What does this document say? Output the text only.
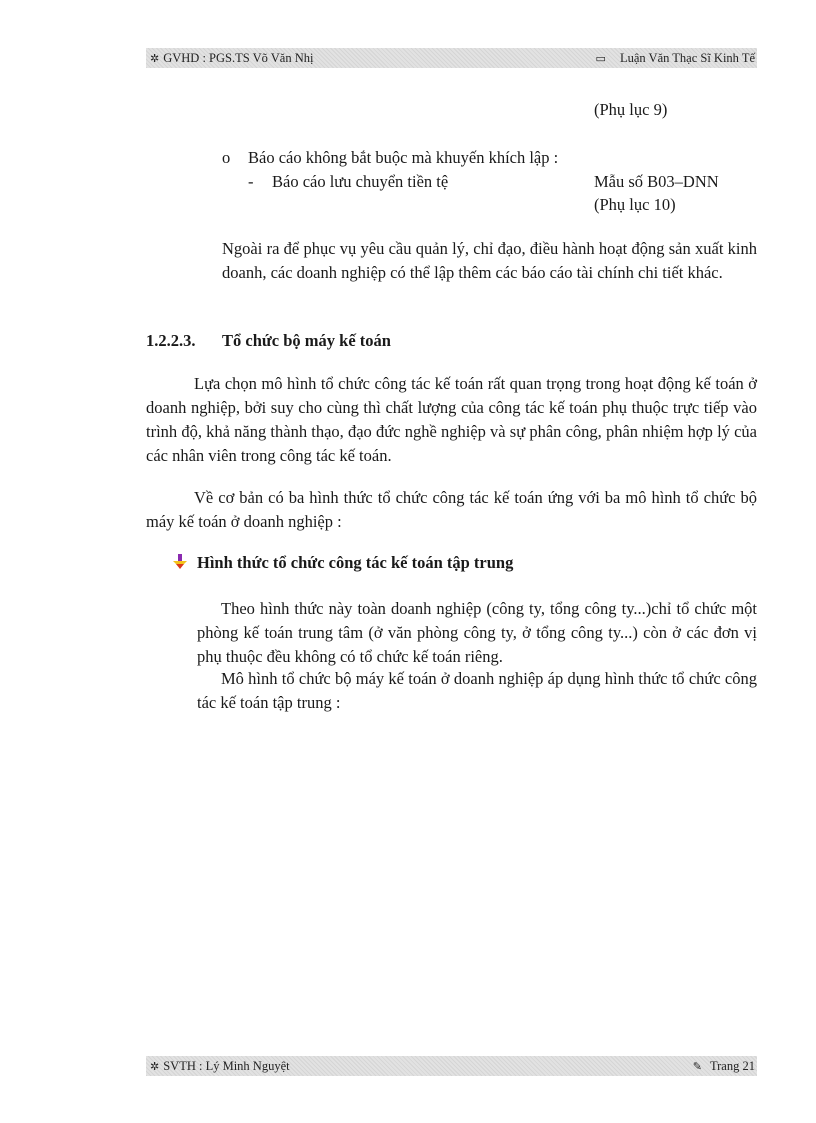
✲ GVHD : PGS.TS Võ Văn Nhị	▭ Luận Văn Thạc Sĩ Kinh Tế
(Phụ lục 9)
o Báo cáo không bắt buộc mà khuyến khích lập :
- Báo cáo lưu chuyển tiền tệ	Mẫu số B03–DNN
(Phụ lục 10)
Ngoài ra để phục vụ yêu cầu quản lý, chỉ đạo, điều hành hoạt động sản xuất kinh doanh, các doanh nghiệp có thể lập thêm các báo cáo tài chính chi tiết khác.
1.2.2.3. Tổ chức bộ máy kế toán
Lựa chọn mô hình tổ chức công tác kế toán rất quan trọng trong hoạt động kế toán ở doanh nghiệp, bởi suy cho cùng thì chất lượng của công tác kế toán phụ thuộc trực tiếp vào trình độ, khả năng thành thạo, đạo đức nghề nghiệp và sự phân công, phân nhiệm hợp lý của các nhân viên trong công tác kế toán.
Về cơ bản có ba hình thức tổ chức công tác kế toán ứng với ba mô hình tổ chức bộ máy kế toán ở doanh nghiệp :
Hình thức tổ chức công tác kế toán tập trung
Theo hình thức này toàn doanh nghiệp (công ty, tổng công ty...)chỉ tổ chức một phòng kế toán trung tâm (ở văn phòng công ty, ở tổng công ty...) còn ở các đơn vị phụ thuộc đều không có tổ chức kế toán riêng.
Mô hình tổ chức bộ máy kế toán ở doanh nghiệp áp dụng hình thức tổ chức công tác kế toán tập trung :
✲ SVTH : Lý Minh Nguyệt	✎ Trang 21
